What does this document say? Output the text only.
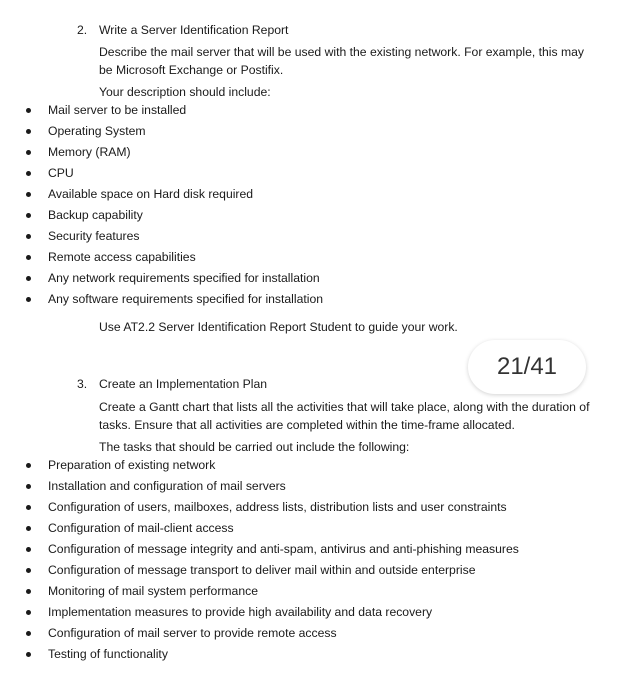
2. Write a Server Identification Report
Describe the mail server that will be used with the existing network. For example, this may be Microsoft Exchange or Postifix.
Your description should include:
Mail server to be installed
Operating System
Memory (RAM)
CPU
Available space on Hard disk required
Backup capability
Security features
Remote access capabilities
Any network requirements specified for installation
Any software requirements specified for installation
Use AT2.2 Server Identification Report Student to guide your work.
21/41
3. Create an Implementation Plan
Create a Gantt chart that lists all the activities that will take place, along with the duration of tasks. Ensure that all activities are completed within the time-frame allocated.
The tasks that should be carried out include the following:
Preparation of existing network
Installation and configuration of mail servers
Configuration of users, mailboxes, address lists, distribution lists and user constraints
Configuration of mail-client access
Configuration of message integrity and anti-spam, antivirus and anti-phishing measures
Configuration of message transport to deliver mail within and outside enterprise
Monitoring of mail system performance
Implementation measures to provide high availability and data recovery
Configuration of mail server to provide remote access
Testing of functionality
